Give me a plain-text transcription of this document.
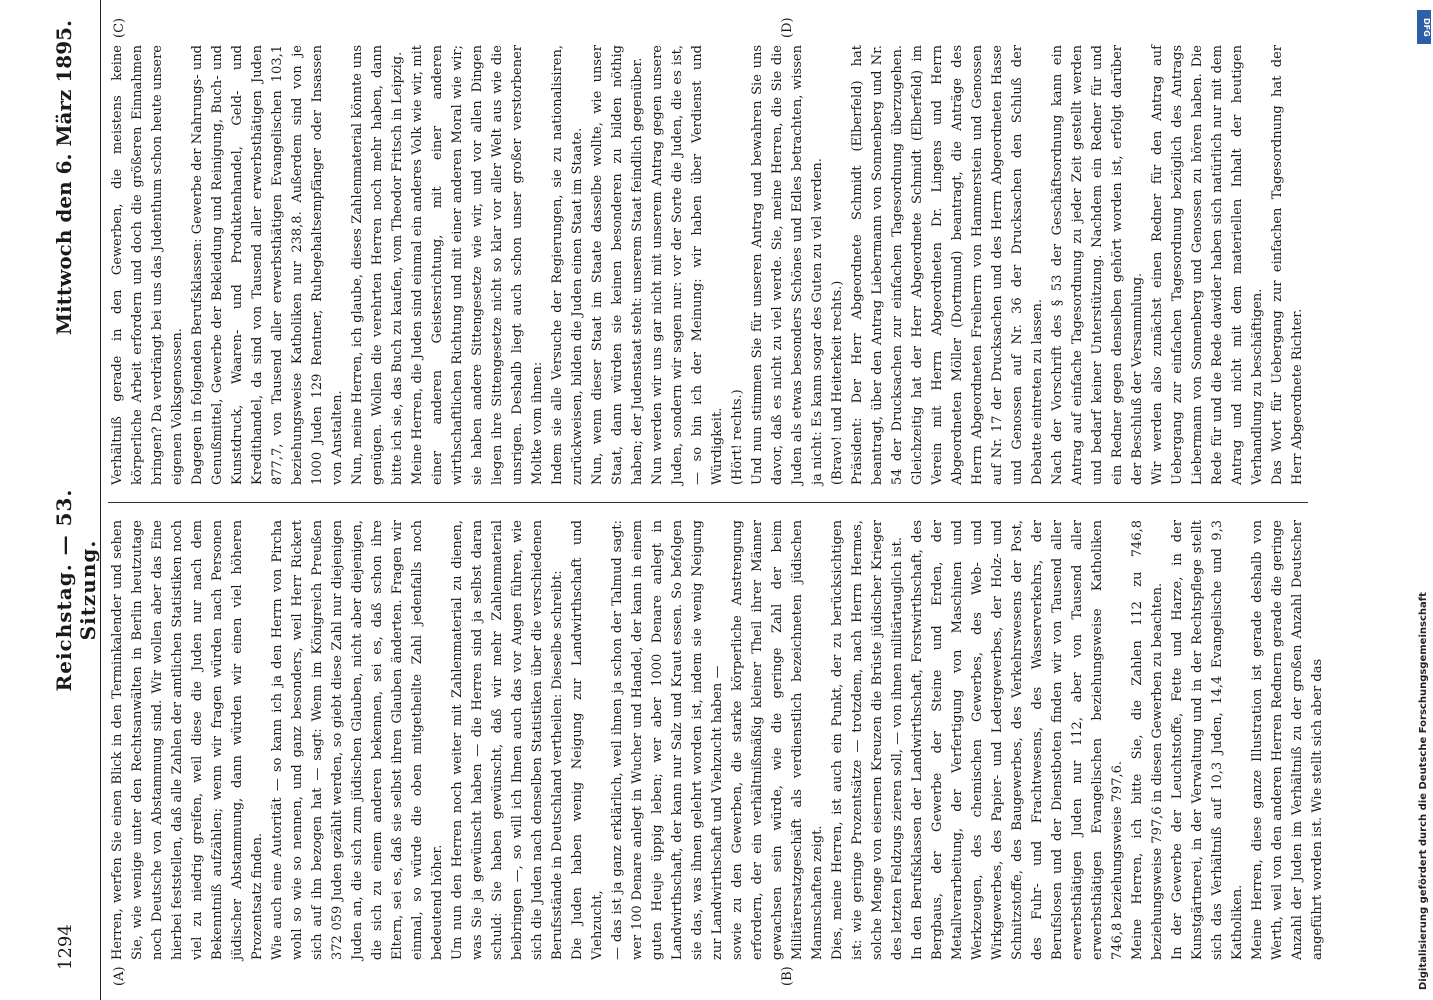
1294
Reichstag. — 53. Sitzung.
Mittwoch den 6. März 1895.
(A)	(B)
(C)	(D)

Herren, werfen Sie einen Blick in den Terminkalender und sehen Sie, wie wenige unter den Rechtsanwälten in Berlin heutzutage noch Deutsche von Abstammung sind. Wir wollen aber das Eine hierbei feststellen, daß alle Zahlen der amtlichen Statistiken noch viel zu niedrig greifen, weil diese die Juden nur nach dem Bekenntniß aufzählen; wenn wir fragen würden nach Personen jüdischer Abstammung, dann würden wir einen viel höheren Prozentsatz finden. Wie auch eine Autorität — so kann ich ja den Herrn von Pircha wohl so wie so nennen, und ganz besonders, weil Herr Rickert sich auf ihn bezogen hat — sagt: Wenn im Königreich Preußen 372 059 Juden gezählt werden, so giebt diese Zahl nur diejenigen Juden an, die sich zum jüdischen Glauben, nicht aber diejenigen, die sich zu einem anderen bekennen, sei es, daß schon ihre Eltern, sei es, daß sie selbst ihren Glauben änderten. Fragen wir einmal, so würde die oben mitgetheilte Zahl jedenfalls noch bedeutend höher. Um nun den Herren noch weiter mit Zahlenmaterial zu dienen, was Sie ja gewünscht haben — die Herren sind ja selbst daran schuld: Sie haben gewünscht, daß wir mehr Zahlenmaterial beibringen —, so will ich Ihnen auch das vor Augen führen, wie sich die Juden nach denselben Statistiken über die verschiedenen Berufsstände in Deutschland vertheilen: Dieselbe schreibt: Die Juden haben wenig Neigung zur Landwirthschaft und Viehzucht, — das ist ja ganz erklärlich, weil ihnen ja schon der Talmud sagt: wer 100 Denare anlegt in Wucher und Handel, der kann in einem guten Heuje üppig leben; wer aber 1000 Denare anlegt in Landwirthschaft, der kann nur Salz und Kraut essen. So befolgen sie das, was ihnen gelehrt worden ist, indem sie wenig Neigung zur Landwirthschaft und Viehzucht haben — sowie zu den Gewerben, die starke körperliche Anstrengung erfordern, der ein verhältnißmäßig kleiner Theil ihrer Männer gewachsen sein würde, wie die geringe Zahl der beim Militärersatzgeschäft als verdienstlich bezeichneten jüdischen Mannschaften zeigt. Dies, meine Herren, ist auch ein Punkt, der zu berücksichtigen ist: wie geringe Prozentsätze — trotzdem, nach Herrn Hermes, solche Menge von eisernen Kreuzen die Brüste jüdischer Krieger des letzten Feldzugs zieren soll, — von ihnen militärtauglich ist. In den Berufsklassen der Landwirthschaft, Forstwirthschaft, des Bergbaus, der Gewerbe der Steine und Erden, der Metallverarbeitung, der Verfertigung von Maschinen und Werkzeugen, des chemischen Gewerbes, des Web- und Wirkgewerbes, des Papier- und Ledergewerbes, der Holz- und Schnitzstoffe, des Baugewerbes, des Verkehrswesens der Post, des Fuhr- und Frachtwesens, des Wasserverkehrs, der Berufslosen und der Dienstboten finden wir von Tausend aller erwerbsthätigen Juden nur 112, aber von Tausend aller erwerbsthätigen Evangelischen beziehungsweise Katholiken 746,8 beziehungsweise 797,6. Meine Herren, ich bitte Sie, die Zahlen 112 zu 746,8 beziehungsweise 797,6 in diesen Gewerben zu beachten. In der Gewerbe der Leuchtstoffe, Fette und Harze, in der Kunstgärtnerei, in der Verwaltung und in der Rechtspflege stellt sich das Verhältniß auf 10,3 Juden, 14,4 Evangelische und 9,3 Katholiken. Meine Herren, diese ganze Illustration ist gerade deshalb von Werth, weil von den anderen Herren Rednern gerade die geringe Anzahl der Juden im Verhältniß zu der großen Anzahl Deutscher angeführt worden ist. Wie stellt sich aber das

Verhältniß gerade in den Gewerben, die meistens keine körperliche Arbeit erfordern und doch die größeren Einnahmen bringen? Da verdrängt bei uns das Judenthum schon heute unsere eigenen Volksgenossen. Dagegen in folgenden Berufsklassen: Gewerbe der Nahrungs- und Genußmittel, Gewerbe der Bekleidung und Reinigung, Buch- und Kunstdruck, Waaren- und Produktenhandel, Geld- und Kredithandel, da sind von Tausend aller erwerbsthätigen Juden 877,7, von Tausend aller erwerbsthätigen Evangelischen 103,1 beziehungsweise Katholiken nur 238,8. Außerdem sind von je 1000 Juden 129 Rentner, Ruhegehaltsempfänger oder Insassen von Anstalten. Nun, meine Herren, ich glaube, dieses Zahlenmaterial könnte uns genügen. Wollen die verehrten Herren noch mehr haben, dann bitte ich sie, das Buch zu kaufen, vom Theodor Fritsch in Leipzig. Meine Herren, die Juden sind einmal ein anderes Volk wie wir, mit einer anderen Geistesrichtung, mit einer anderen wirthschaftlichen Richtung und mit einer anderen Moral wie wir; sie haben andere Sittengesetze wie wir, und vor allen Dingen liegen ihre Sittengesetze nicht so klar vor aller Welt aus wie die unsrigen. Deshalb liegt auch schon unser großer verstorbener Moltke vom ihnen: Indem sie alle Versuche der Regierungen, sie zu nationalisiren, zurückweisen, bilden die Juden einen Staat im Staate. Nun, wenn dieser Staat im Staate dasselbe wollte, wie unser Staat, dann würden sie keinen besonderen zu bilden nöthig haben; der Judenstaat steht: unserem Staat feindlich gegenüber. Nun werden wir uns gar nicht mit unserem Antrag gegen unsere Juden, sondern wir sagen nur: vor der Sorte die Juden, die es ist, — so bin ich der Meinung: wir haben über Verdienst und Würdigkeit. (Hört! rechts.) Und nun stimmen Sie für unseren Antrag und bewahren Sie uns davor, daß es nicht zu viel werde. Sie, meine Herren, die Sie die Juden als etwas besonders Schönes und Edles betrachten, wissen ja nicht: Es kann sogar des Guten zu viel werden. (Bravo! und Heiterkeit rechts.) Präsident: Der Herr Abgeordnete Schmidt (Elberfeld) hat beantragt, über den Antrag Liebermann von Sonnenberg und Nr. 54 der Drucksachen zur einfachen Tagesordnung überzugehen. Gleichzeitig hat der Herr Abgeordnete Schmidt (Elberfeld) im Verein mit Herrn Abgeordneten Dr. Lingens und Herrn Abgeordneten Möller (Dortmund) beantragt, die Anträge des Herrn Abgeordneten Freiherrn von Hammerstein und Genossen auf Nr. 17 der Drucksachen und des Herrn Abgeordneten Hasse und Genossen auf Nr. 36 der Drucksachen den Schluß der Debatte eintreten zu lassen. Nach der Vorschrift des § 53 der Geschäftsordnung kann ein Antrag auf einfache Tagesordnung zu jeder Zeit gestellt werden und bedarf keiner Unterstützung. Nachdem ein Redner für und ein Redner gegen denselben gehört worden ist, erfolgt darüber der Beschluß der Versammlung. Wir werden also zunächst einen Redner für den Antrag auf Uebergang zur einfachen Tagesordnung bezüglich des Antrags Liebermann von Sonnenberg und Genossen zu hören haben. Die Rede für und die Rede dawider haben sich natürlich nur mit dem Antrag und nicht mit dem materiellen Inhalt der heutigen Verhandlung zu beschäftigen. Das Wort für Uebergang zur einfachen Tagesordnung hat der Herr Abgeordnete Richter.

DFG
Digitalisierung gefördert durch die Deutsche Forschungsgemeinschaft
